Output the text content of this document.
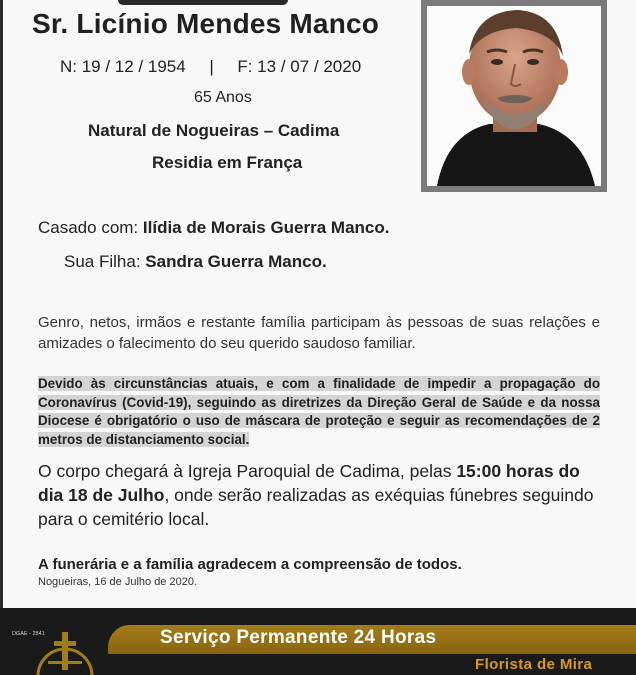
Sr. Licínio Mendes Manco
N: 19 / 12 / 1954     |     F: 13 / 07 / 2020
65 Anos
Natural de Nogueiras – Cadima
Residia em França
Casado com: Ilídia de Morais Guerra Manco.
Sua Filha: Sandra Guerra Manco.
Genro, netos, irmãos e restante família participam às pessoas de suas relações e amizades o falecimento do seu querido saudoso familiar.
Devido às circunstâncias atuais, e com a finalidade de impedir a propagação do Coronavírus (Covid-19), seguindo as diretrizes da Direção Geral de Saúde e da nossa Diocese é obrigatório o uso de máscara de proteção e seguir as recomendações de 2 metros de distanciamento social.
O corpo chegará à Igreja Paroquial de Cadima, pelas 15:00 horas do dia 18 de Julho, onde serão realizadas as exéquias fúnebres seguindo para o cemitério local.
A funerária e a família agradecem a compreensão de todos.
Nogueiras, 16 de Julho de 2020.
DGAE - 2841	Serviço Permanente 24 Horas
Florista de Mira
